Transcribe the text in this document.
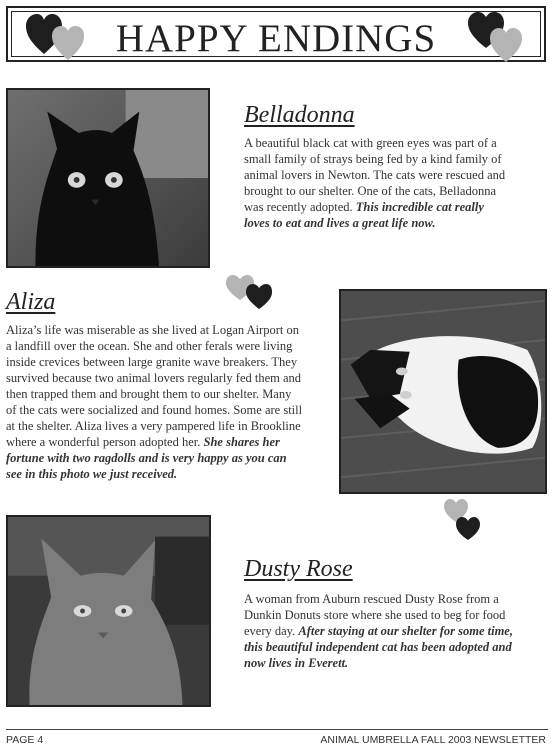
HAPPY ENDINGS
Belladonna
A beautiful black cat with green eyes was part of a small family of strays being fed by a kind family of animal lovers in Newton. The cats were rescued and brought to our shelter. One of the cats, Belladonna was recently adopted. This incredible cat really loves to eat and lives a great life now.
Aliza
Aliza’s life was miserable as she lived at Logan Airport on a landfill over the ocean. She and other ferals were living inside crevices between large granite wave breakers. They survived because two animal lovers regularly fed them and then trapped them and brought them to our shelter. Many of the cats were socialized and found homes. Some are still at the shelter. Aliza lives a very pampered life in Brookline where a wonderful person adopted her. She shares her fortune with two ragdolls and is very happy as you can see in this photo we just received.
Dusty Rose
A woman from Auburn rescued Dusty Rose from a Dunkin Donuts store where she used to beg for food every day. After staying at our shelter for some time, this beautiful independent cat has been adopted and now lives in Everett.
PAGE 4	ANIMAL UMBRELLA FALL 2003 NEWSLETTER
